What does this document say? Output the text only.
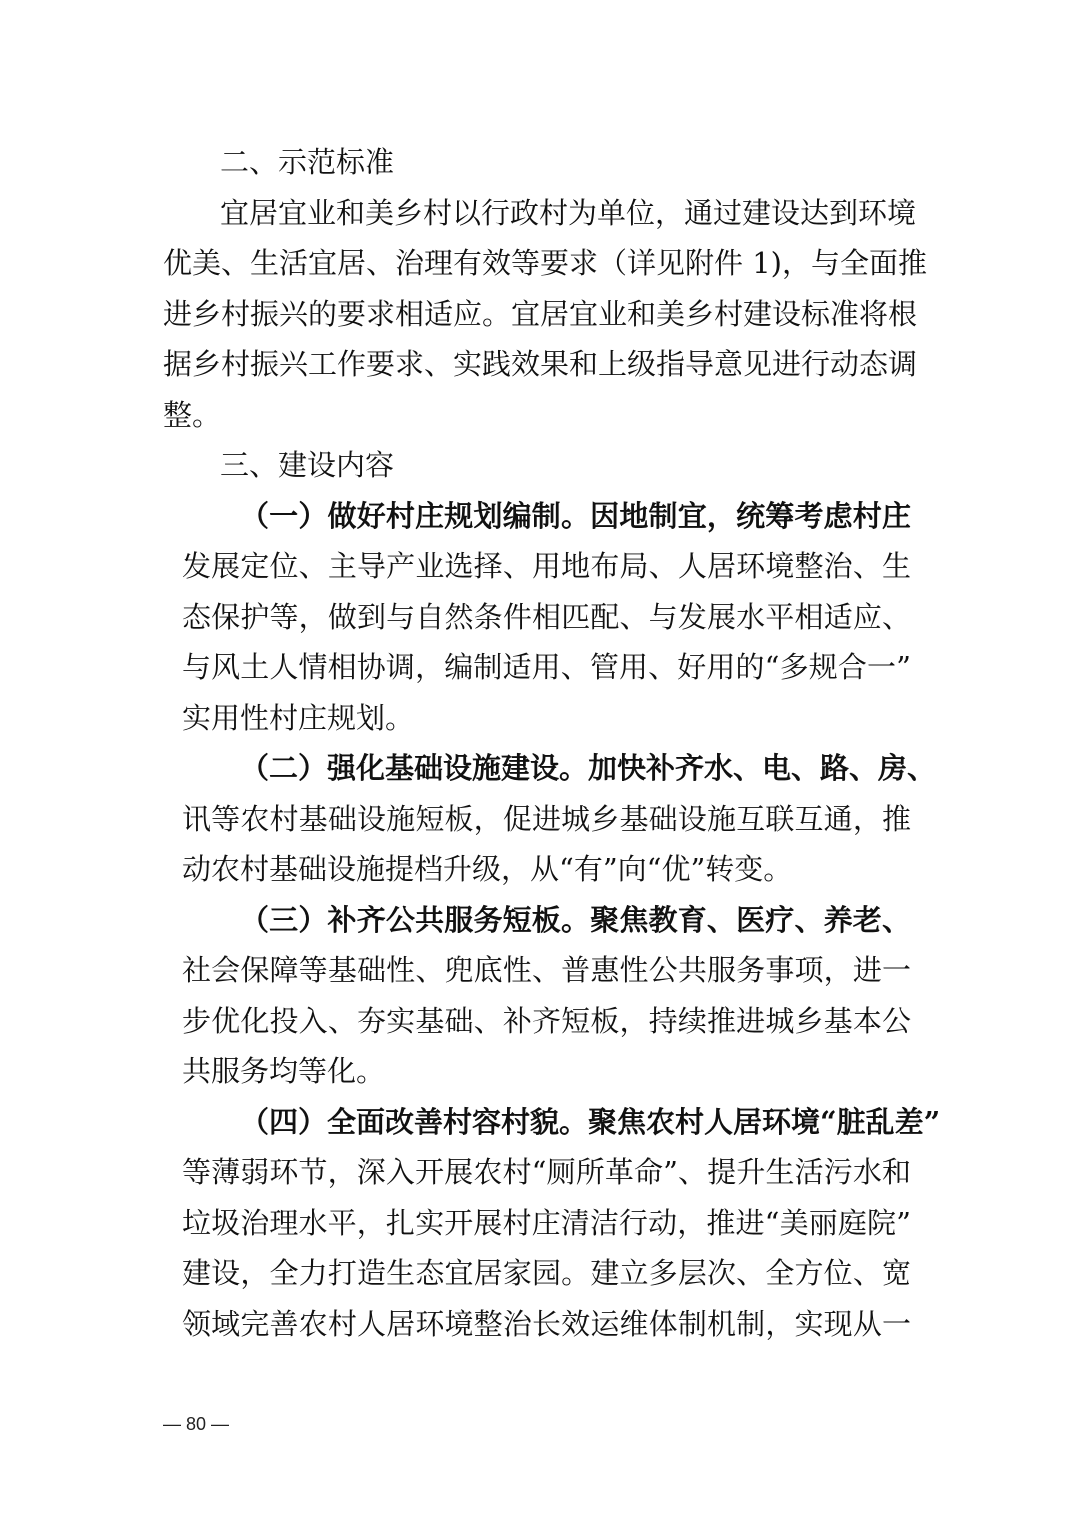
二、示范标准
宜居宜业和美乡村以行政村为单位，通过建设达到环境
优美、生活宜居、治理有效等要求（详见附件 1)，与全面推
进乡村振兴的要求相适应。宜居宜业和美乡村建设标准将根
据乡村振兴工作要求、实践效果和上级指导意见进行动态调
整。
三、建设内容
（一）做好村庄规划编制。因地制宜，统筹考虑村庄
发展定位、主导产业选择、用地布局、人居环境整治、生
态保护等，做到与自然条件相匹配、与发展水平相适应、
与风土人情相协调，编制适用、管用、好用的“多规合一”
实用性村庄规划。
（二）强化基础设施建设。加快补齐水、电、路、房、
讯等农村基础设施短板，促进城乡基础设施互联互通，推
动农村基础设施提档升级，从“有”向“优”转变。
（三）补齐公共服务短板。聚焦教育、医疗、养老、
社会保障等基础性、兜底性、普惠性公共服务事项，进一
步优化投入、夯实基础、补齐短板，持续推进城乡基本公
共服务均等化。
（四）全面改善村容村貌。聚焦农村人居环境“脏乱差”
等薄弱环节，深入开展农村“厕所革命”、提升生活污水和
垃圾治理水平，扎实开展村庄清洁行动，推进“美丽庭院”
建设，全力打造生态宜居家园。建立多层次、全方位、宽
领域完善农村人居环境整治长效运维体制机制，实现从一
— 80 —
